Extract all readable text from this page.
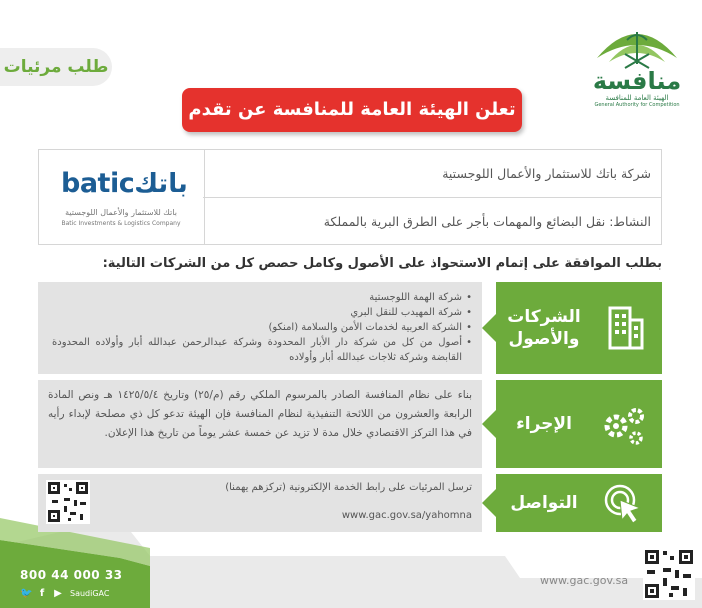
طلب مرئيات	منافسة
الهيئة العامة للمنافسة
General Authority for Competition
تعلن الهيئة العامة للمنافسة عن تقدم
شركة باتك للاستثمار والأعمال اللوجستية
النشاط: نقل البضائع والمهمات بأجر على الطرق البرية بالمملكة
baticباتك
باتك للاستثمار والأعمال اللوجستية
Batic Investments & Logistics Company
بطلب الموافقة على إتمام الاستحواذ على الأصول وكامل حصص كل من الشركات التالية:
الشركات والأصول
• شركة الهمة اللوجستية
• شركة المهيدب للنقل البري
• الشركة العربية لخدمات الأمن والسلامة (امنكو)
• أصول من كل من شركة دار الأبار المحدودة وشركة عبدالرحمن عبدالله أبار وأولاده المحدودة القابضة وشركة ثلاجات عبدالله أبار وأولاده
الإجراء
بناء على نظام المنافسة الصادر بالمرسوم الملكي رقم (م/٢٥) وتاريخ ١٤٢٥/٥/٤ هـ ونص المادة الرابعة والعشرون من اللائحة التنفيذية لنظام المنافسة فإن الهيئة تدعو كل ذي مصلحة لإبداء رأيه في هذا التركز الاقتصادي خلال مدة لا تزيد عن خمسة عشر يوماً من تاريخ هذا الإعلان.
التواصل
ترسل المرئيات على رابط الخدمة الإلكترونية (تركزهم يهمنا)
www.gac.gov.sa/yahomna
800 44 000 33
🐦 f ▶ SaudiGAC
www.gac.gov.sa
